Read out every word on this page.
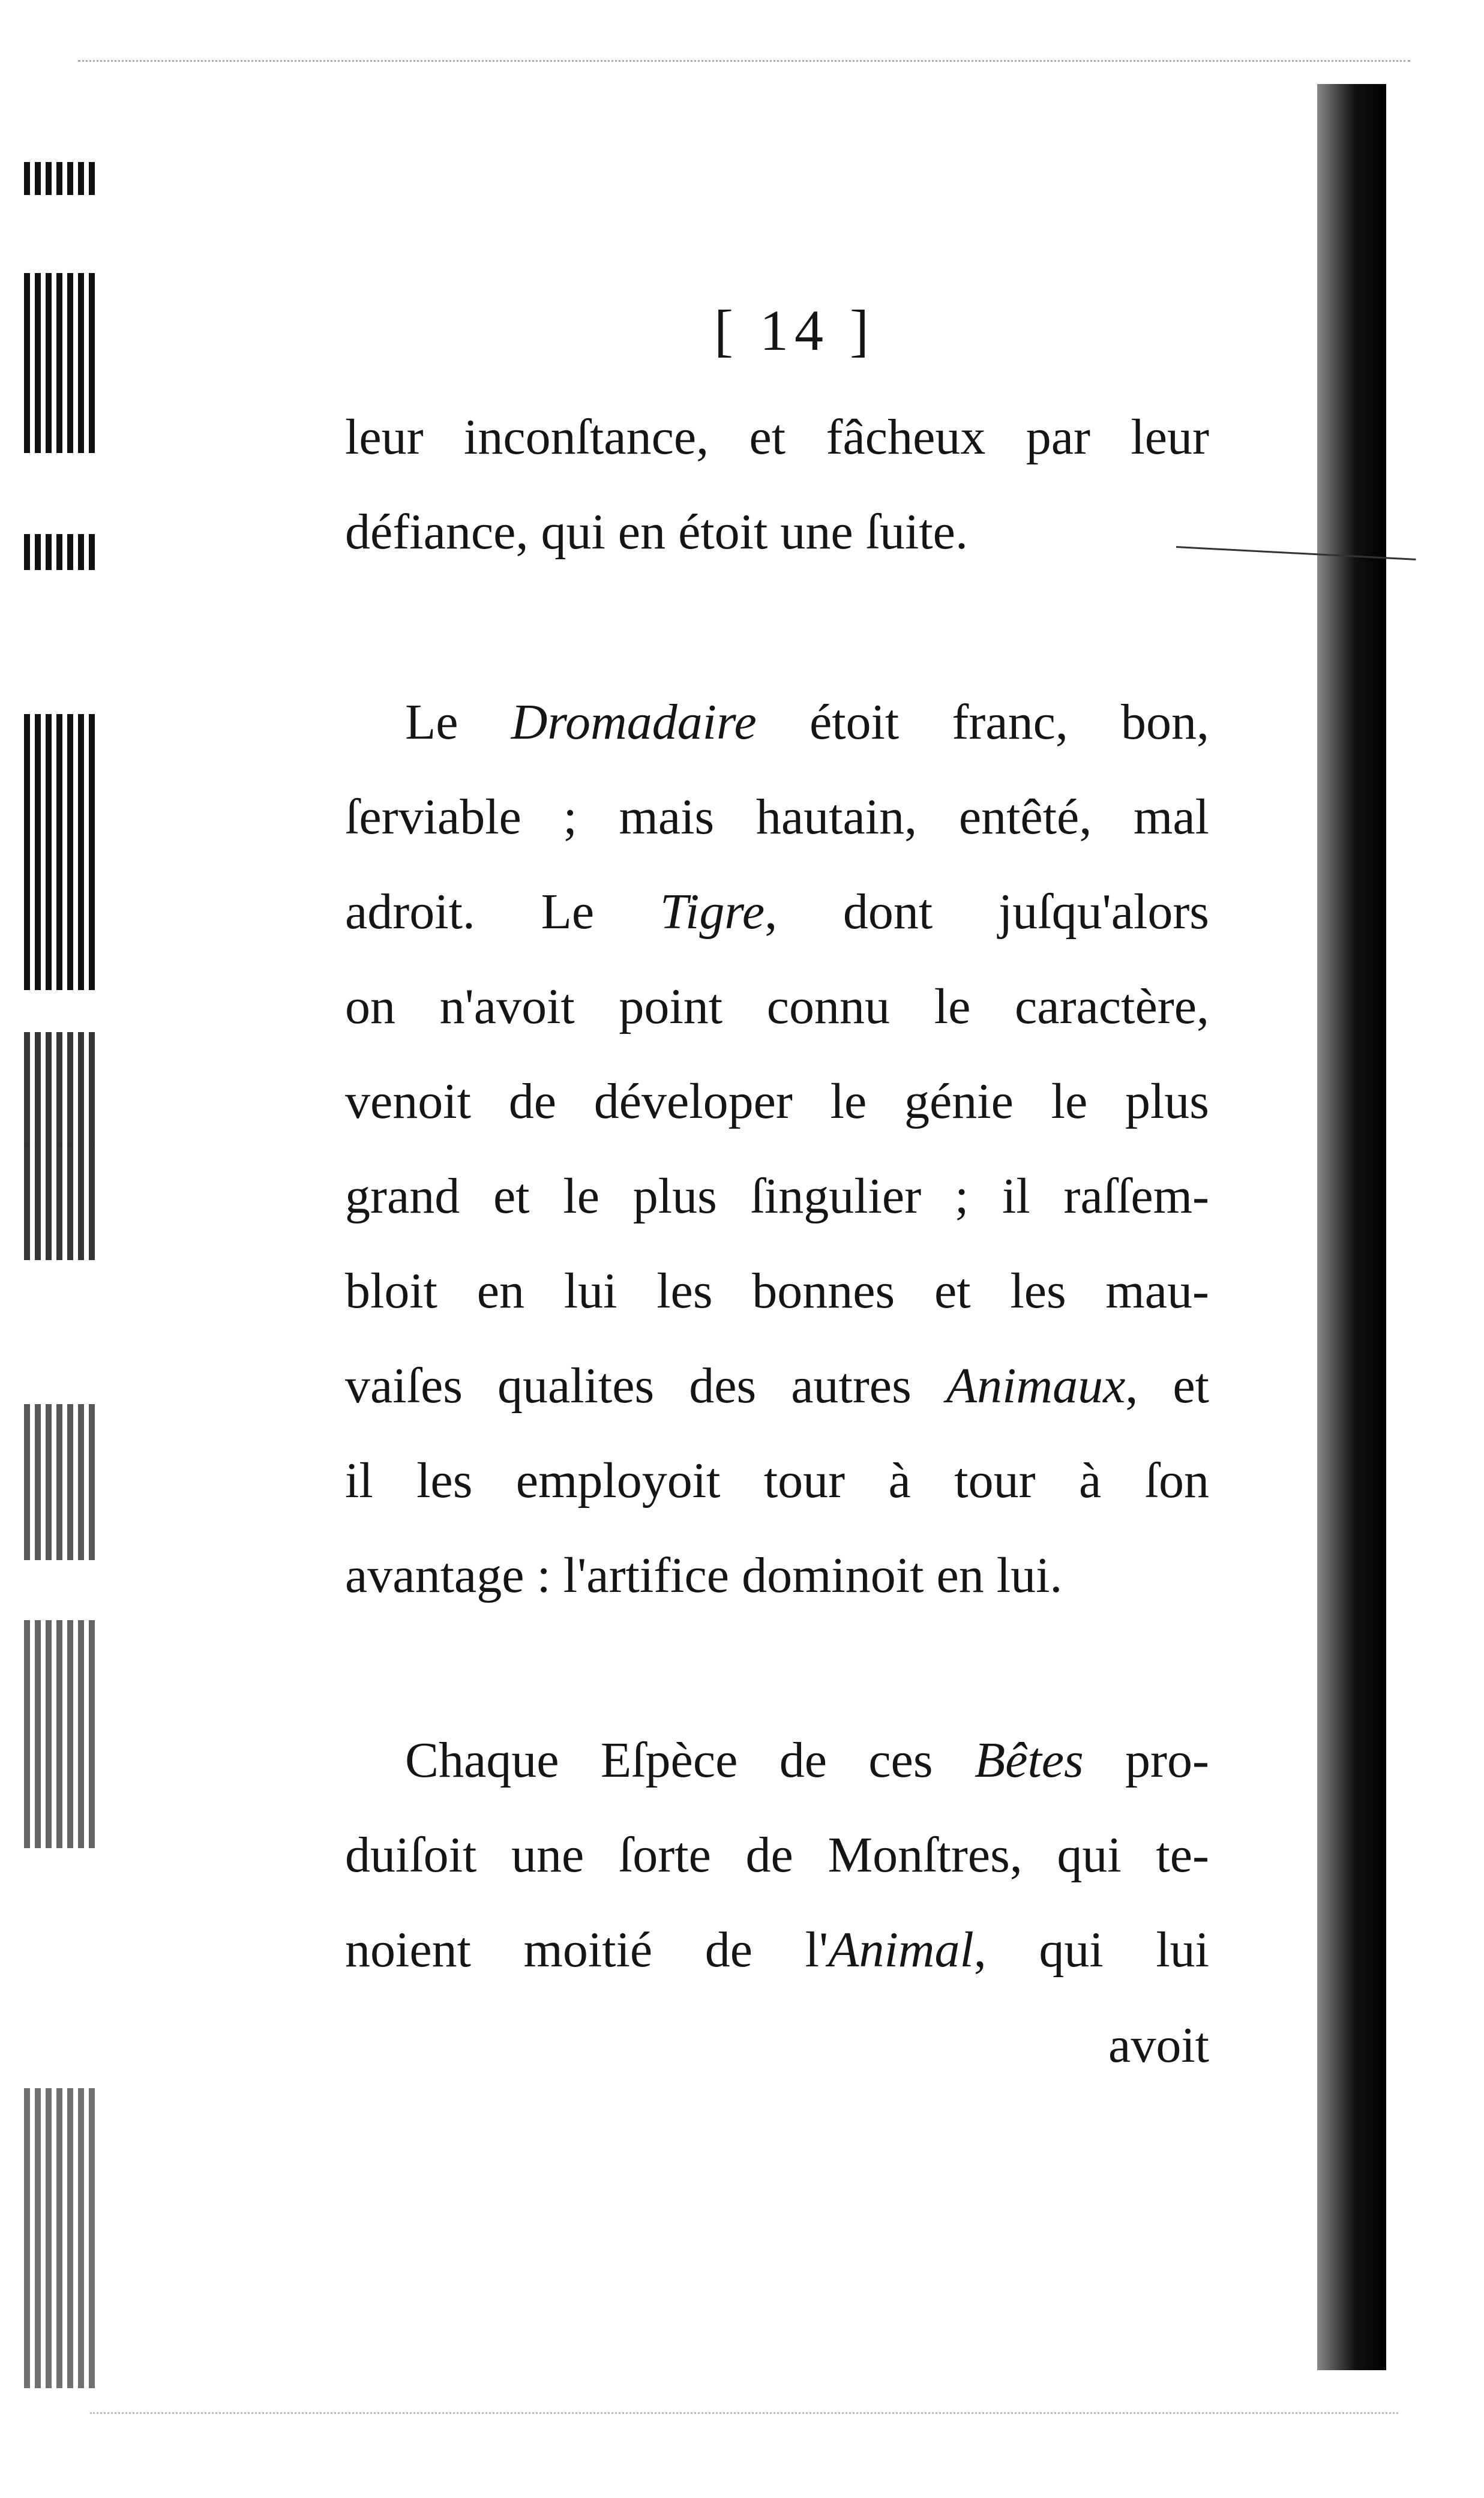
[ 14 ]
leur inconſtance, et fâcheux par leur
défiance, qui en étoit une ſuite.
Le Dromadaire étoit franc, bon,
ſerviable ; mais hautain, entêté, mal
adroit. Le Tigre, dont juſqu'alors
on n'avoit point connu le caractère,
venoit de déveloper le génie le plus
grand et le plus ſingulier ; il raſſem-
bloit en lui les bonnes et les mau-
vaiſes qualites des autres Animaux, et
il les employoit tour à tour à ſon
avantage : l'artifice dominoit en lui.
Chaque Eſpèce de ces Bêtes pro-
duiſoit une ſorte de Monſtres, qui te-
noient moitié de l'Animal, qui lui
avoit
